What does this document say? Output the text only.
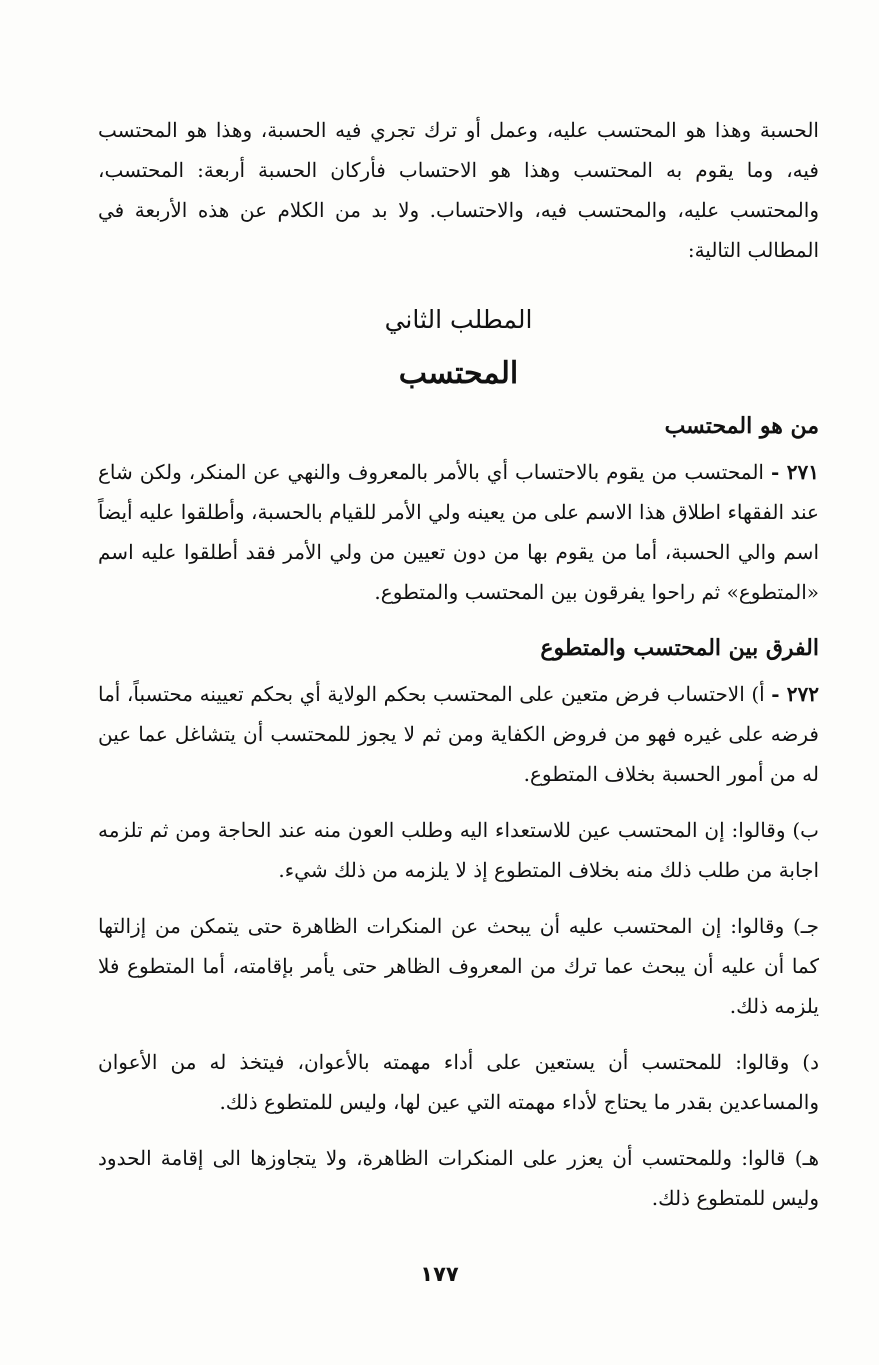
الحسبة وهذا هو المحتسب عليه، وعمل أو ترك تجري فيه الحسبة، وهذا هو المحتسب فيه، وما يقوم به المحتسب وهذا هو الاحتساب فأركان الحسبة أربعة: المحتسب، والمحتسب عليه، والمحتسب فيه، والاحتساب. ولا بد من الكلام عن هذه الأربعة في المطالب التالية:

المطلب الثاني
المحتسب
من هو المحتسب

٢٧١ - المحتسب من يقوم بالاحتساب أي بالأمر بالمعروف والنهي عن المنكر، ولكن شاع عند الفقهاء اطلاق هذا الاسم على من يعينه ولي الأمر للقيام بالحسبة، وأطلقوا عليه أيضاً اسم والي الحسبة، أما من يقوم بها من دون تعيين من ولي الأمر فقد أطلقوا عليه اسم «المتطوع» ثم راحوا يفرقون بين المحتسب والمتطوع.

الفرق بين المحتسب والمتطوع

٢٧٢ - أ) الاحتساب فرض متعين على المحتسب بحكم الولاية أي بحكم تعيينه محتسباً، أما فرضه على غيره فهو من فروض الكفاية ومن ثم لا يجوز للمحتسب أن يتشاغل عما عين له من أمور الحسبة بخلاف المتطوع.

ب) وقالوا: إن المحتسب عين للاستعداء اليه وطلب العون منه عند الحاجة ومن ثم تلزمه اجابة من طلب ذلك منه بخلاف المتطوع إذ لا يلزمه من ذلك شيء.

جـ) وقالوا: إن المحتسب عليه أن يبحث عن المنكرات الظاهرة حتى يتمكن من إزالتها كما أن عليه أن يبحث عما ترك من المعروف الظاهر حتى يأمر بإقامته، أما المتطوع فلا يلزمه ذلك.

د) وقالوا: للمحتسب أن يستعين على أداء مهمته بالأعوان، فيتخذ له من الأعوان والمساعدين بقدر ما يحتاج لأداء مهمته التي عين لها، وليس للمتطوع ذلك.

هـ) قالوا: وللمحتسب أن يعزر على المنكرات الظاهرة، ولا يتجاوزها الى إقامة الحدود وليس للمتطوع ذلك.

١٧٧
